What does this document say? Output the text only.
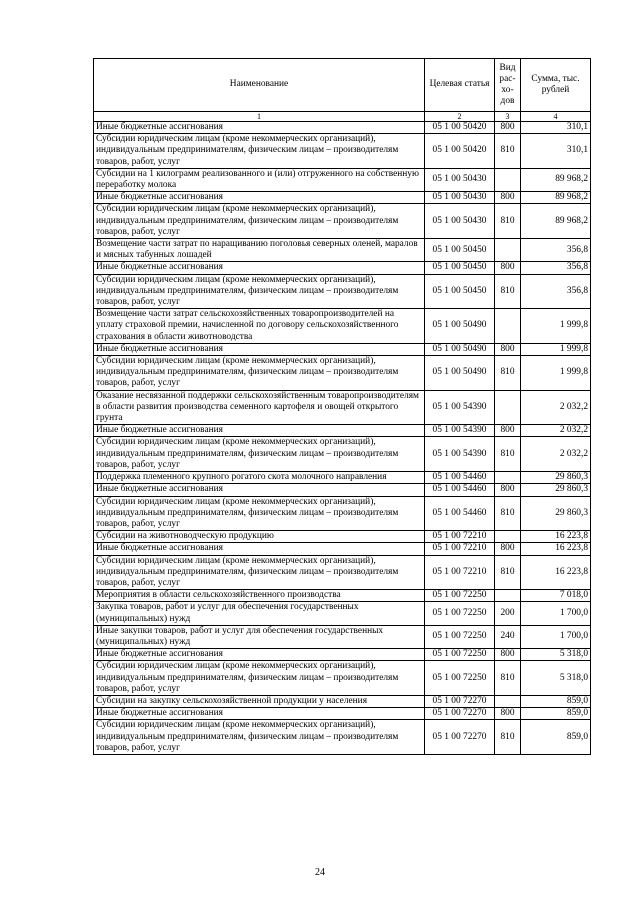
Наименование	Целевая статья	Вид рас- хо- дов	Сумма, тыс. рублей
1	2	3	4
Иные бюджетные ассигнования	05 1 00 50420	800	310,1
Субсидии юридическим лицам (кроме некоммерческих организаций), индивидуальным предпринимателям, физическим лицам – производителям товаров, работ, услуг	05 1 00 50420	810	310,1
Субсидии на 1 килограмм реализованного и (или) отгруженного на собственную переработку молока	05 1 00 50430		89 968,2
Иные бюджетные ассигнования	05 1 00 50430	800	89 968,2
Субсидии юридическим лицам (кроме некоммерческих организаций), индивидуальным предпринимателям, физическим лицам – производителям товаров, работ, услуг	05 1 00 50430	810	89 968,2
Возмещение части затрат по наращиванию поголовья северных оленей, маралов и мясных табунных лошадей	05 1 00 50450		356,8
Иные бюджетные ассигнования	05 1 00 50450	800	356,8
Субсидии юридическим лицам (кроме некоммерческих организаций), индивидуальным предпринимателям, физическим лицам – производителям товаров, работ, услуг	05 1 00 50450	810	356,8
Возмещение части затрат сельскохозяйственных товаропроизводителей на уплату страховой премии, начисленной по договору сельскохозяйственного страхования в области животноводства	05 1 00 50490		1 999,8
Иные бюджетные ассигнования	05 1 00 50490	800	1 999,8
Субсидии юридическим лицам (кроме некоммерческих организаций), индивидуальным предпринимателям, физическим лицам – производителям товаров, работ, услуг	05 1 00 50490	810	1 999,8
Оказание несвязанной поддержки сельскохозяйственным товаропроизводителям в области развития производства семенного картофеля и овощей открытого грунта	05 1 00 54390		2 032,2
Иные бюджетные ассигнования	05 1 00 54390	800	2 032,2
Субсидии юридическим лицам (кроме некоммерческих организаций), индивидуальным предпринимателям, физическим лицам – производителям товаров, работ, услуг	05 1 00 54390	810	2 032,2
Поддержка племенного крупного рогатого скота молочного направления	05 1 00 54460		29 860,3
Иные бюджетные ассигнования	05 1 00 54460	800	29 860,3
Субсидии юридическим лицам (кроме некоммерческих организаций), индивидуальным предпринимателям, физическим лицам – производителям товаров, работ, услуг	05 1 00 54460	810	29 860,3
Субсидии на животноводческую продукцию	05 1 00 72210		16 223,8
Иные бюджетные ассигнования	05 1 00 72210	800	16 223,8
Субсидии юридическим лицам (кроме некоммерческих организаций), индивидуальным предпринимателям, физическим лицам – производителям товаров, работ, услуг	05 1 00 72210	810	16 223,8
Мероприятия в области сельскохозяйственного производства	05 1 00 72250		7 018,0
Закупка товаров, работ и услуг для обеспечения государственных (муниципальных) нужд	05 1 00 72250	200	1 700,0
Иные закупки товаров, работ и услуг для обеспечения государственных (муниципальных) нужд	05 1 00 72250	240	1 700,0
Иные бюджетные ассигнования	05 1 00 72250	800	5 318,0
Субсидии юридическим лицам (кроме некоммерческих организаций), индивидуальным предпринимателям, физическим лицам – производителям товаров, работ, услуг	05 1 00 72250	810	5 318,0
Субсидии на закупку сельскохозяйственной продукции у населения	05 1 00 72270		859,0
Иные бюджетные ассигнования	05 1 00 72270	800	859,0
Субсидии юридическим лицам (кроме некоммерческих организаций), индивидуальным предпринимателям, физическим лицам – производителям товаров, работ, услуг	05 1 00 72270	810	859,0
24
